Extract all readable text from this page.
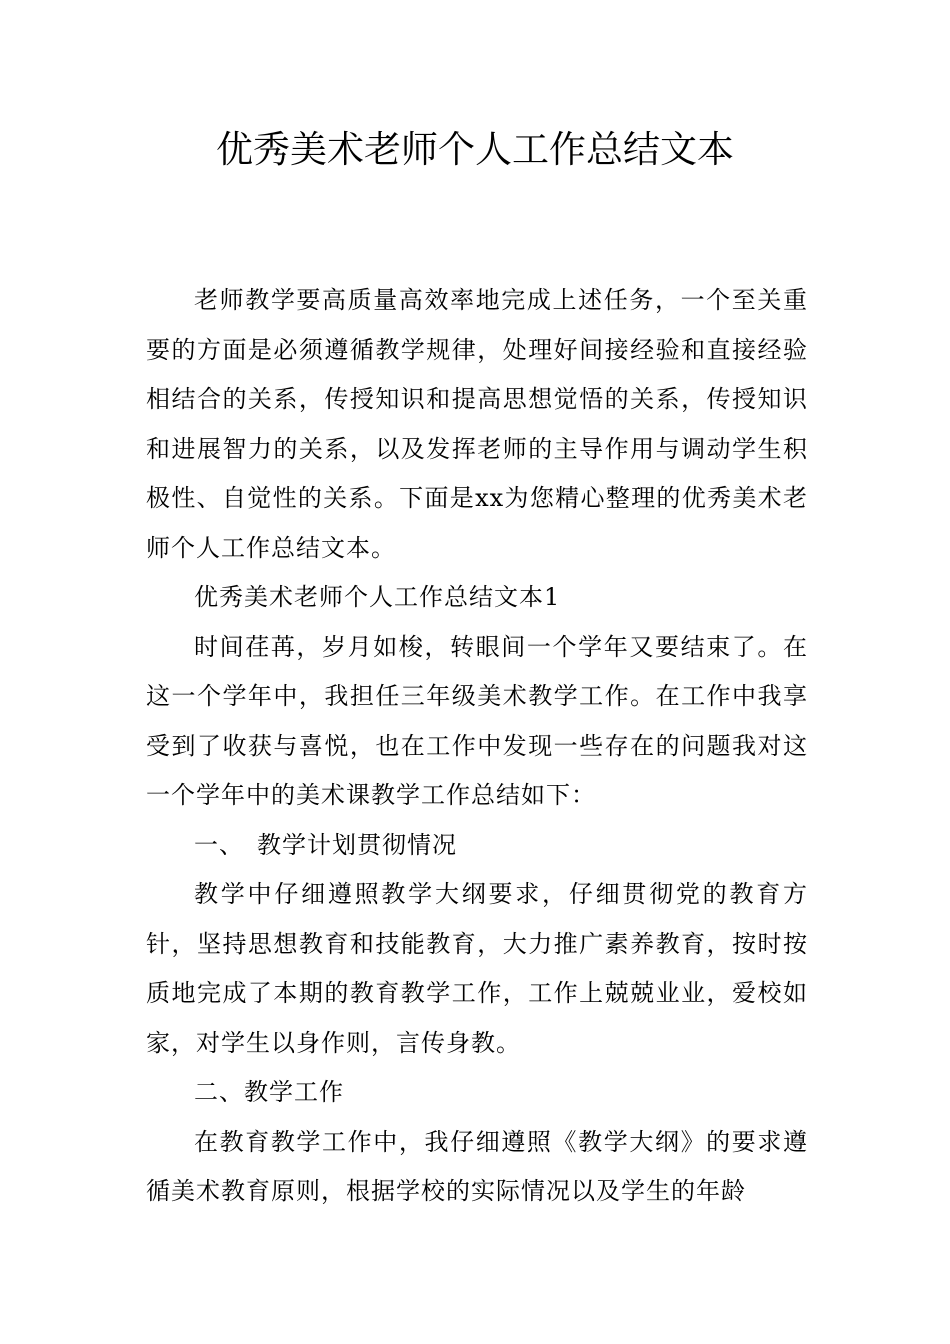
优秀美术老师个人工作总结文本

老师教学要高质量高效率地完成上述任务，一个至关重要的方面是必须遵循教学规律，处理好间接经验和直接经验相结合的关系，传授知识和提高思想觉悟的关系，传授知识和进展智力的关系，以及发挥老师的主导作用与调动学生积极性、自觉性的关系。下面是xx为您精心整理的优秀美术老师个人工作总结文本。

优秀美术老师个人工作总结文本1

时间荏苒，岁月如梭，转眼间一个学年又要结束了。在这一个学年中，我担任三年级美术教学工作。在工作中我享受到了收获与喜悦，也在工作中发现一些存在的问题我对这一个学年中的美术课教学工作总结如下：

一、　教学计划贯彻情况

教学中仔细遵照教学大纲要求，仔细贯彻党的教育方针，坚持思想教育和技能教育，大力推广素养教育，按时按质地完成了本期的教育教学工作，工作上兢兢业业，爱校如家，对学生以身作则，言传身教。

二、教学工作

在教育教学工作中，我仔细遵照《教学大纲》的要求遵循美术教育原则，根据学校的实际情况以及学生的年龄
